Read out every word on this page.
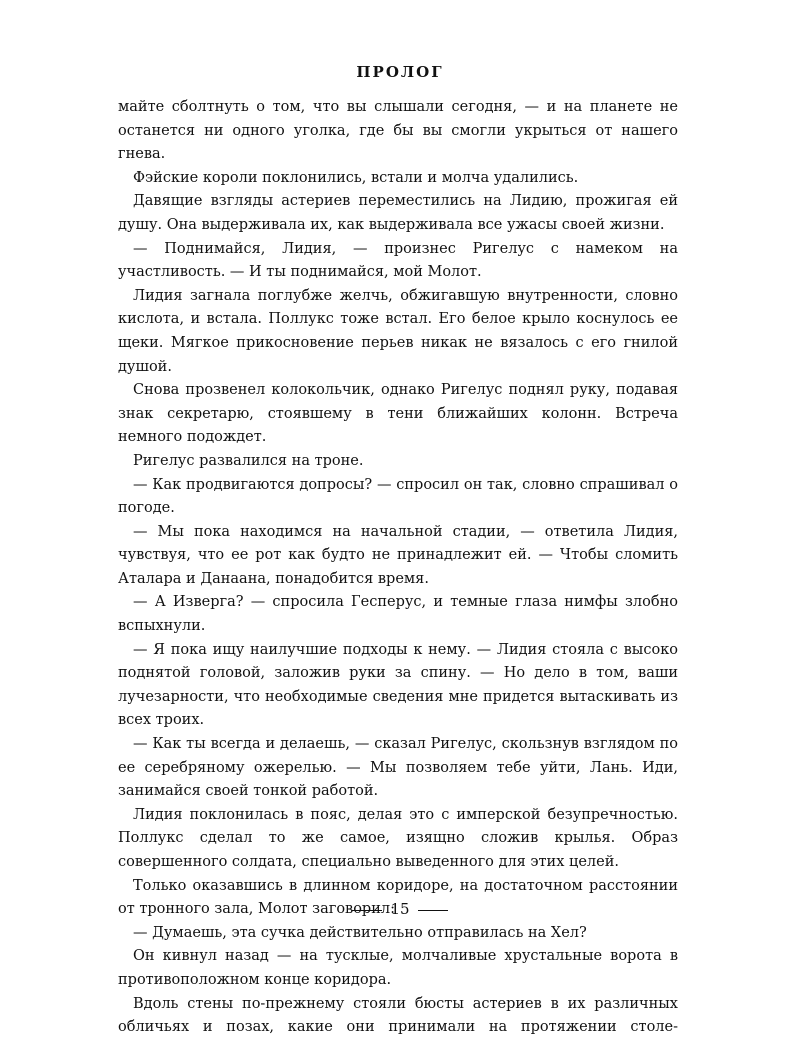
ПРОЛОГ

майте сболтнуть о том, что вы слышали сегодня, — и на планете не останется ни одного уголка, где бы вы смогли укрыться от нашего гнева.

Фэйские короли поклонились, встали и молча удалились.

Давящие взгляды астериев переместились на Лидию, прожигая ей душу. Она выдерживала их, как выдерживала все ужасы своей жизни.

— Поднимайся, Лидия, — произнес Ригелус с намеком на участливость. — И ты поднимайся, мой Молот.

Лидия загнала поглубже желчь, обжигавшую внутренности, словно кислота, и встала. Поллукс тоже встал. Его белое крыло коснулось ее щеки. Мягкое прикосновение перьев никак не вязалось с его гнилой душой.

Снова прозвенел колокольчик, однако Ригелус поднял руку, подавая знак секретарю, стоявшему в тени ближайших колонн. Встреча немного подождет.

Ригелус развалился на троне.

— Как продвигаются допросы? — спросил он так, словно спрашивал о погоде.

— Мы пока находимся на начальной стадии, — ответила Лидия, чувствуя, что ее рот как будто не принадлежит ей. — Чтобы сломить Аталара и Данаана, понадобится время.

— А Изверга? — спросила Гесперус, и темные глаза нимфы злобно вспыхнули.

— Я пока ищу наилучшие подходы к нему. — Лидия стояла с высоко поднятой головой, заложив руки за спину. — Но дело в том, ваши лучезарности, что необходимые сведения мне придется вытаскивать из всех троих.

— Как ты всегда и делаешь, — сказал Ригелус, скользнув взглядом по ее серебряному ожерелью. — Мы позволяем тебе уйти, Лань. Иди, занимайся своей тонкой работой.

Лидия поклонилась в пояс, делая это с имперской безупречностью. Поллукс сделал то же самое, изящно сложив крылья. Образ совершенного солдата, специально выведенного для этих целей.

Только оказавшись в длинном коридоре, на достаточном расстоянии от тронного зала, Молот заговорил:

— Думаешь, эта сучка действительно отправилась на Хел?

Он кивнул назад — на тусклые, молчаливые хрустальные ворота в противоположном конце коридора.

Вдоль стены по-прежнему стояли бюсты астериев в их различных обличьях и позах, какие они принимали на протяжении столе-

15
